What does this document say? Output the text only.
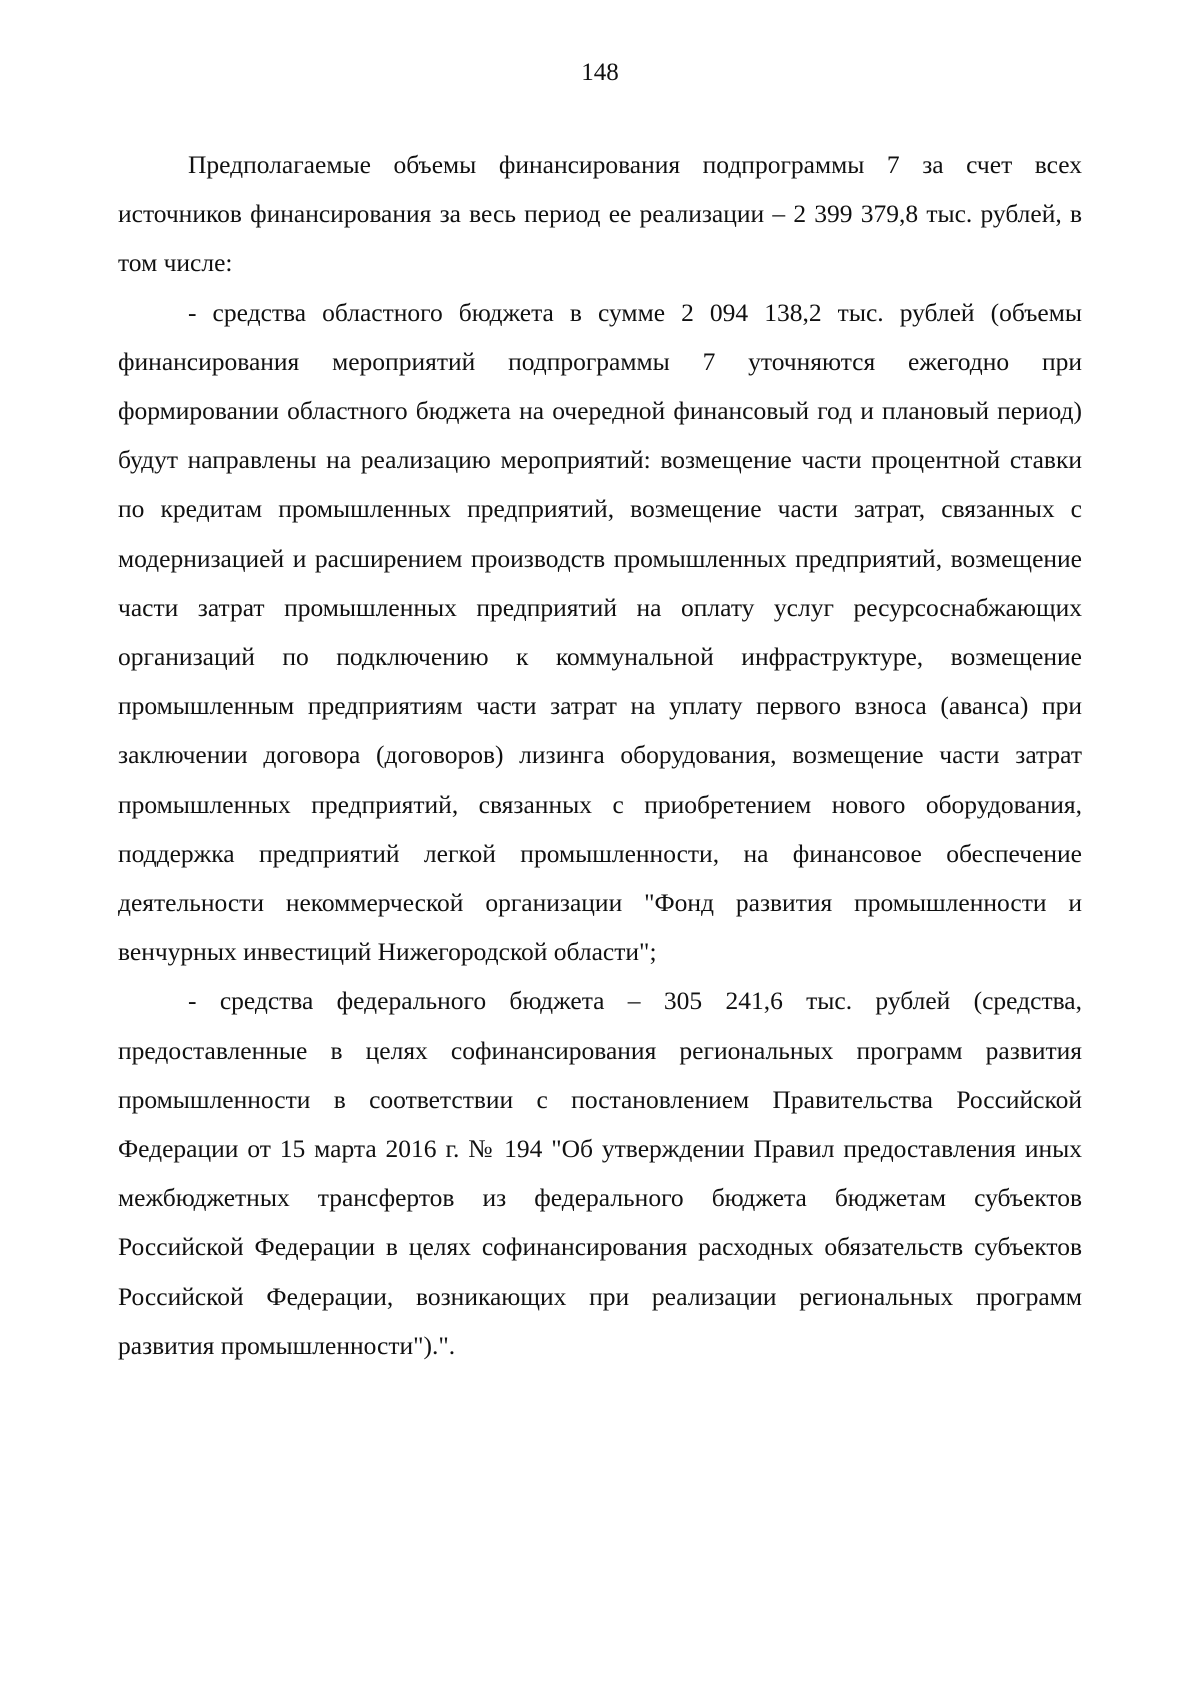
148

Предполагаемые объемы финансирования подпрограммы 7 за счет всех источников финансирования за весь период ее реализации – 2 399 379,8 тыс. рублей, в том числе:

- средства областного бюджета в сумме 2 094 138,2 тыс. рублей (объемы финансирования мероприятий подпрограммы 7 уточняются ежегодно при формировании областного бюджета на очередной финансовый год и плановый период) будут направлены на реализацию мероприятий: возмещение части процентной ставки по кредитам промышленных предприятий, возмещение части затрат, связанных с модернизацией и расширением производств промышленных предприятий, возмещение части затрат промышленных предприятий на оплату услуг ресурсоснабжающих организаций по подключению к коммунальной инфраструктуре, возмещение промышленным предприятиям части затрат на уплату первого взноса (аванса) при заключении договора (договоров) лизинга оборудования, возмещение части затрат промышленных предприятий, связанных с приобретением нового оборудования, поддержка предприятий легкой промышленности, на финансовое обеспечение деятельности некоммерческой организации "Фонд развития промышленности и венчурных инвестиций Нижегородской области";

- средства федерального бюджета – 305 241,6 тыс. рублей (средства, предоставленные в целях софинансирования региональных программ развития промышленности в соответствии с постановлением Правительства Российской Федерации от 15 марта 2016 г. № 194 "Об утверждении Правил предоставления иных межбюджетных трансфертов из федерального бюджета бюджетам субъектов Российской Федерации в целях софинансирования расходных обязательств субъектов Российской Федерации, возникающих при реализации региональных программ развития промышленности").".
